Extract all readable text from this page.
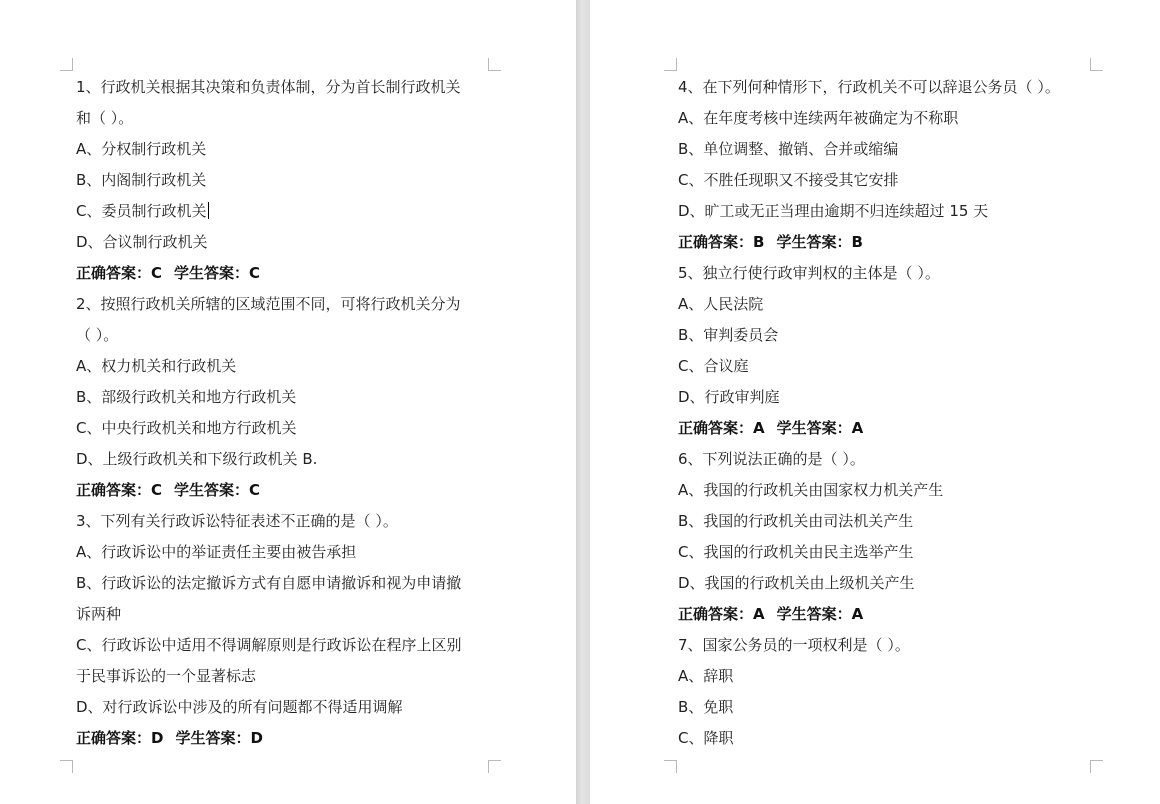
1、行政机关根据其决策和负责体制，分为首长制行政机关
和（ ）。
A、分权制行政机关
B、内阁制行政机关
C、委员制行政机关
D、合议制行政机关
正确答案：C 学生答案：C
2、按照行政机关所辖的区域范围不同，可将行政机关分为
（ ）。
A、权力机关和行政机关
B、部级行政机关和地方行政机关
C、中央行政机关和地方行政机关
D、上级行政机关和下级行政机关 B.
正确答案：C 学生答案：C
3、下列有关行政诉讼特征表述不正确的是（ ）。
A、行政诉讼中的举证责任主要由被告承担
B、行政诉讼的法定撤诉方式有自愿申请撤诉和视为申请撤
诉两种
C、行政诉讼中适用不得调解原则是行政诉讼在程序上区别
于民事诉讼的一个显著标志
D、对行政诉讼中涉及的所有问题都不得适用调解
正确答案：D 学生答案：D
4、在下列何种情形下，行政机关不可以辞退公务员（ ）。
A、在年度考核中连续两年被确定为不称职
B、单位调整、撤销、合并或缩编
C、不胜任现职又不接受其它安排
D、旷工或无正当理由逾期不归连续超过 15 天
正确答案：B 学生答案：B
5、独立行使行政审判权的主体是（ ）。
A、人民法院
B、审判委员会
C、合议庭
D、行政审判庭
正确答案：A 学生答案：A
6、下列说法正确的是（ ）。
A、我国的行政机关由国家权力机关产生
B、我国的行政机关由司法机关产生
C、我国的行政机关由民主选举产生
D、我国的行政机关由上级机关产生
正确答案：A 学生答案：A
7、国家公务员的一项权利是（ ）。
A、辞职
B、免职
C、降职
